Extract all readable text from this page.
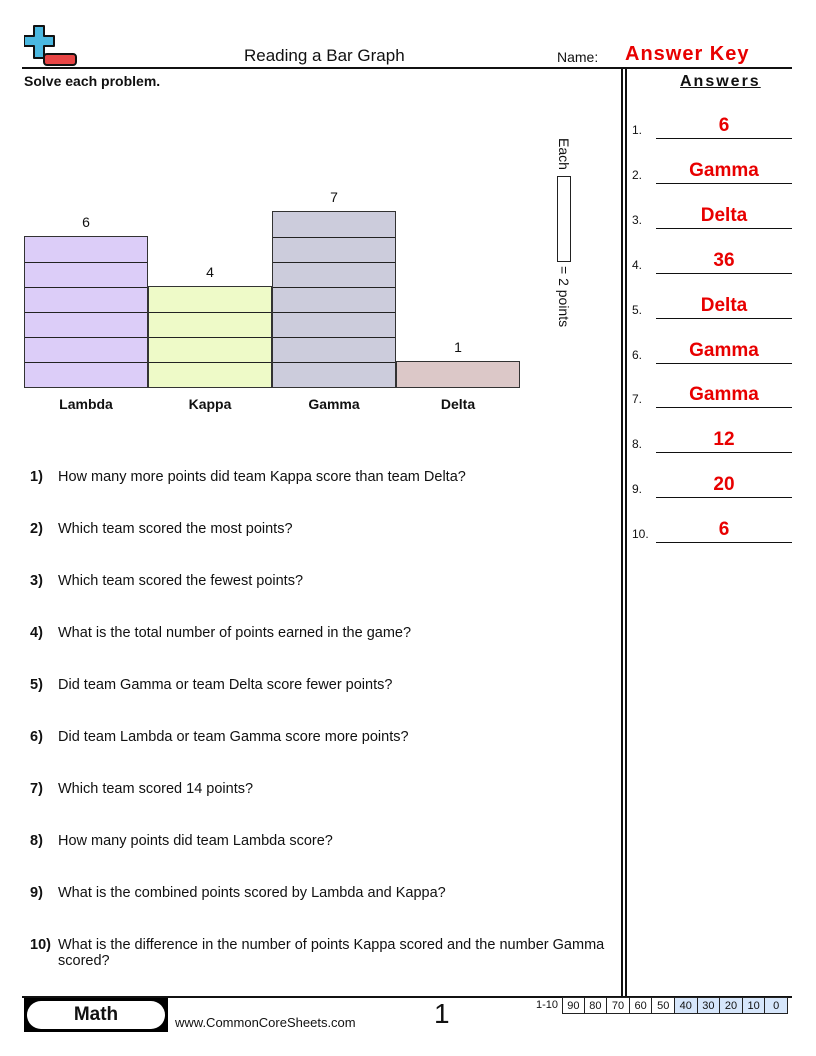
Reading a Bar Graph	Name: Answer Key
Solve each problem.	Answers
6
Lambda
4
Kappa
7
Gamma
1
Delta
Each
= 2 points
1)	How many more points did team Kappa score than team Delta?
2)	Which team scored the most points?
3)	Which team scored the fewest points?
4)	What is the total number of points earned in the game?
5)	Did team Gamma or team Delta score fewer points?
6)	Did team Lambda or team Gamma score more points?
7)	Which team scored 14 points?
8)	How many points did team Lambda score?
9)	What is the combined points scored by Lambda and Kappa?
10) What is the difference in the number of points Kappa scored and the number Gamma scored?
1.	6
2.	Gamma
3.	Delta
4.	36
5.	Delta
6.	Gamma
7.	Gamma
8.	12
9.	20
10.	6
Math	www.CommonCoreSheets.com	1	1-10 90 80 70 60 50 40 30 20 10	0
